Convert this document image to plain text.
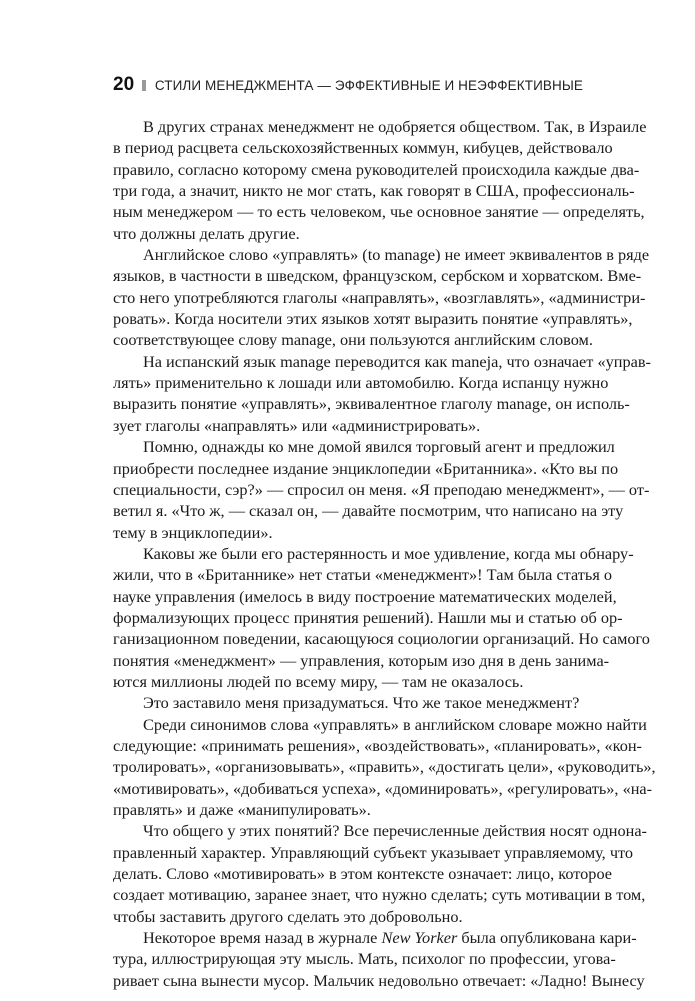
20 СТИЛИ МЕНЕДЖМЕНТА — ЭФФЕКТИВНЫЕ И НЕЭФФЕКТИВНЫЕ

В других странах менеджмент не одобряется обществом. Так, в Израиле
в период расцвета сельскохозяйственных коммун, кибуцев, действовало
правило, согласно которому смена руководителей происходила каждые два-
три года, а значит, никто не мог стать, как говорят в США, профессиональ-
ным менеджером — то есть человеком, чье основное занятие — определять,
что должны делать другие.

Английское слово «управлять» (to manage) не имеет эквивалентов в ряде
языков, в частности в шведском, французском, сербском и хорватском. Вме-
сто него употребляются глаголы «направлять», «возглавлять», «администри-
ровать». Когда носители этих языков хотят выразить понятие «управлять»,
соответствующее слову manage, они пользуются английским словом.

На испанский язык manage переводится как maneja, что означает «управ-
лять» применительно к лошади или автомобилю. Когда испанцу нужно
выразить понятие «управлять», эквивалентное глаголу manage, он исполь-
зует глаголы «направлять» или «администрировать».

Помню, однажды ко мне домой явился торговый агент и предложил
приобрести последнее издание энциклопедии «Британника». «Кто вы по
специальности, сэр?» — спросил он меня. «Я преподаю менеджмент», — от-
ветил я. «Что ж, — сказал он, — давайте посмотрим, что написано на эту
тему в энциклопедии».

Каковы же были его растерянность и мое удивление, когда мы обнару-
жили, что в «Британнике» нет статьи «менеджмент»! Там была статья о
науке управления (имелось в виду построение математических моделей,
формализующих процесс принятия решений). Нашли мы и статью об ор-
ганизационном поведении, касающуюся социологии организаций. Но самого
понятия «менеджмент» — управления, которым изо дня в день занима-
ются миллионы людей по всему миру, — там не оказалось.

Это заставило меня призадуматься. Что же такое менеджмент?

Среди синонимов слова «управлять» в английском словаре можно найти
следующие: «принимать решения», «воздействовать», «планировать», «кон-
тролировать», «организовывать», «править», «достигать цели», «руководить»,
«мотивировать», «добиваться успеха», «доминировать», «регулировать», «на-
правлять» и даже «манипулировать».

Что общего у этих понятий? Все перечисленные действия носят однона-
правленный характер. Управляющий субъект указывает управляемому, что
делать. Слово «мотивировать» в этом контексте означает: лицо, которое
создает мотивацию, заранее знает, что нужно сделать; суть мотивации в том,
чтобы заставить другого сделать это добровольно.

Некоторое время назад в журнале New Yorker была опубликована кари-
тура, иллюстрирующая эту мысль. Мать, психолог по профессии, угова-
ривает сына вынести мусор. Мальчик недовольно отвечает: «Ладно! Вынесу
